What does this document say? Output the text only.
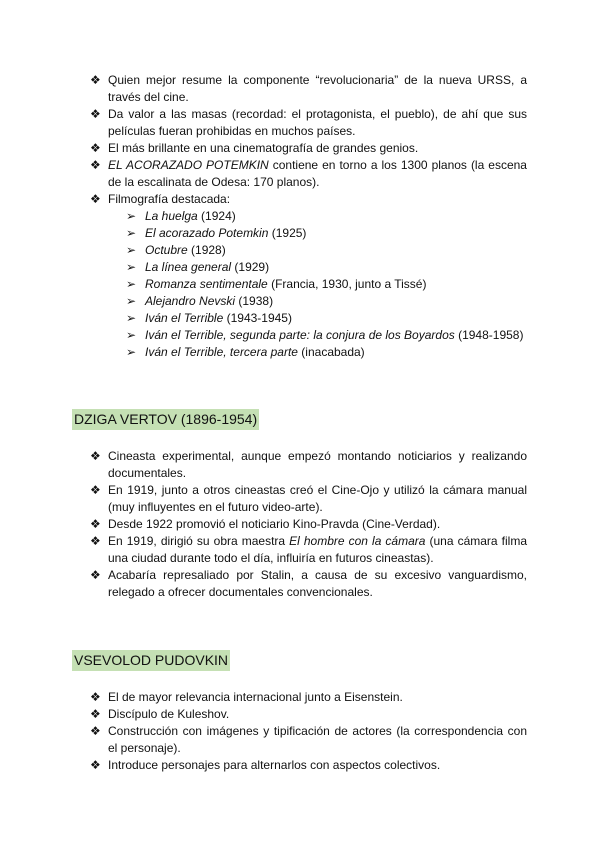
❖ Quien mejor resume la componente “revolucionaria” de la nueva URSS, a través del cine.
❖ Da valor a las masas (recordad: el protagonista, el pueblo), de ahí que sus películas fueran prohibidas en muchos países.
❖ El más brillante en una cinematografía de grandes genios.
❖ EL ACORAZADO POTEMKIN contiene en torno a los 1300 planos (la escena de la escalinata de Odesa: 170 planos).
❖ Filmografía destacada:
➢ La huelga (1924)
➢ El acorazado Potemkin (1925)
➢ Octubre (1928)
➢ La línea general (1929)
➢ Romanza sentimentale (Francia, 1930, junto a Tissé)
➢ Alejandro Nevski (1938)
➢ Iván el Terrible (1943-1945)
➢ Iván el Terrible, segunda parte: la conjura de los Boyardos (1948-1958)
➢ Iván el Terrible, tercera parte (inacabada)
DZIGA VERTOV (1896-1954)
❖ Cineasta experimental, aunque empezó montando noticiarios y realizando documentales.
❖ En 1919, junto a otros cineastas creó el Cine-Ojo y utilizó la cámara manual (muy influyentes en el futuro video-arte).
❖ Desde 1922 promovió el noticiario Kino-Pravda (Cine-Verdad).
❖ En 1919, dirigió su obra maestra El hombre con la cámara (una cámara filma una ciudad durante todo el día, influiría en futuros cineastas).
❖ Acabaría represaliado por Stalin, a causa de su excesivo vanguardismo, relegado a ofrecer documentales convencionales.
VSEVOLOD PUDOVKIN
❖ El de mayor relevancia internacional junto a Eisenstein.
❖ Discípulo de Kuleshov.
❖ Construcción con imágenes y tipificación de actores (la correspondencia con el personaje).
❖ Introduce personajes para alternarlos con aspectos colectivos.
